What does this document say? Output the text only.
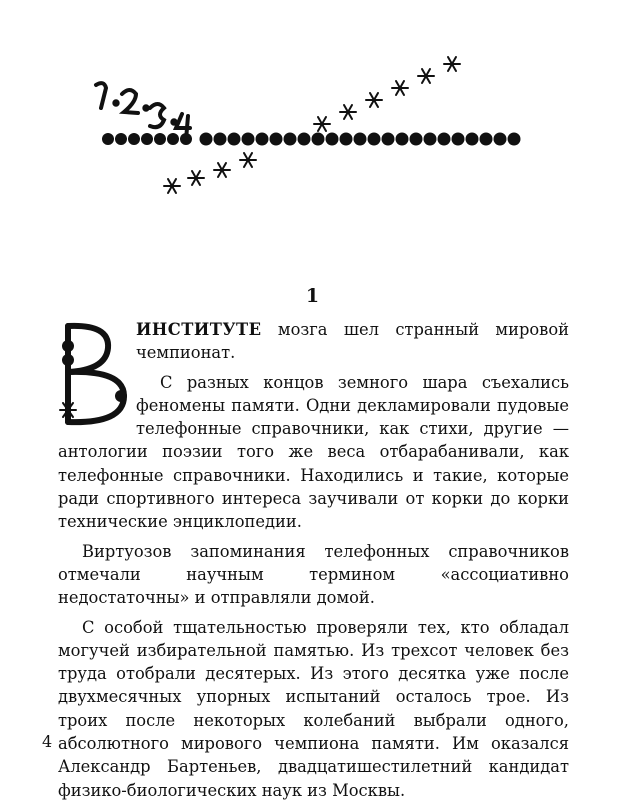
1

ИНСТИТУТЕ мозга шел странный мировой чемпионат.

С разных концов земного шара съехались феномены памяти. Одни декламировали пудовые телефонные справочники, как стихи, другие — антологии поэзии того же веса отбарабанивали, как телефонные справочники. Находились и такие, которые ради спортивного интереса заучивали от корки до корки технические энциклопедии.

Виртуозов запоминания телефонных справочников отмечали научным термином «ассоциативно недостаточны» и отправляли домой.

С особой тщательностью проверяли тех, кто обладал могучей избирательной памятью. Из трехсот человек без труда отобрали десятерых. Из этого десятка уже после двухмесячных упорных испытаний осталось трое. Из троих после некоторых колебаний выбрали одного, абсолютного мирового чемпиона памяти. Им оказался Александр Бартеньев, двадцатишестилетний кандидат физико-биологических наук из Москвы.

4
